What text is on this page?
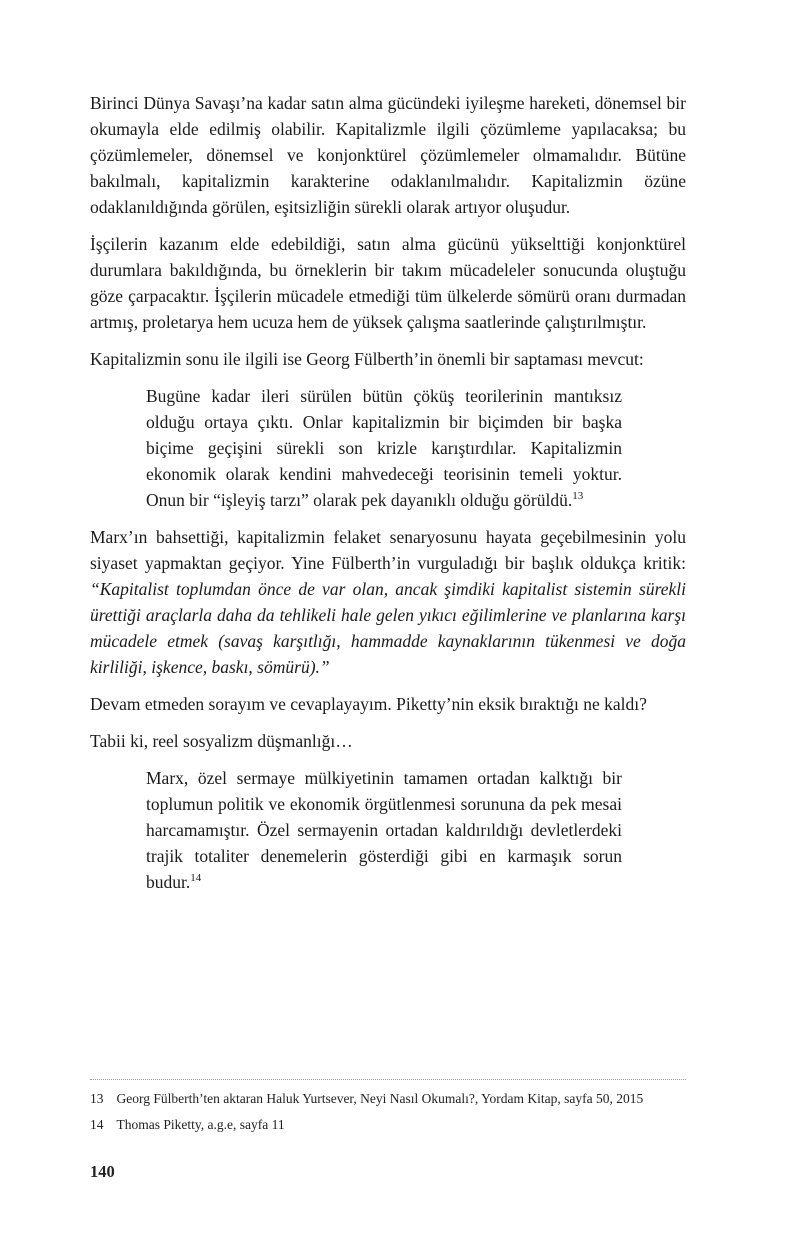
Birinci Dünya Savaşı’na kadar satın alma gücündeki iyileşme hareketi, dönemsel bir okumayla elde edilmiş olabilir. Kapitalizmle ilgili çözümleme yapılacaksa; bu çözümlemeler, dönemsel ve konjonktürel çözümlemeler olmamalıdır. Bütüne bakılmalı, kapitalizmin karakterine odaklanılmalıdır. Kapitalizmin özüne odaklanıldığında görülen, eşitsizliğin sürekli olarak artıyor oluşudur.

İşçilerin kazanım elde edebildiği, satın alma gücünü yükselttiği konjonktürel durumlara bakıldığında, bu örneklerin bir takım mücadeleler sonucunda oluştuğu göze çarpacaktır. İşçilerin mücadele etmediği tüm ülkelerde sömürü oranı durmadan artmış, proletarya hem ucuza hem de yüksek çalışma saatlerinde çalıştırılmıştır.

Kapitalizmin sonu ile ilgili ise Georg Fülberth’in önemli bir saptaması mevcut:

Bugüne kadar ileri sürülen bütün çöküş teorilerinin mantıksız olduğu ortaya çıktı. Onlar kapitalizmin bir biçimden bir başka biçime geçişini sürekli son krizle karıştırdılar. Kapitalizmin ekonomik olarak kendini mahvedeceği teorisinin temeli yoktur. Onun bir “işleyiş tarzı” olarak pek dayanıklı olduğu görüldü.$^{13}$

Marx’ın bahsettiği, kapitalizmin felaket senaryosunu hayata geçebilmesinin yolu siyaset yapmaktan geçiyor. Yine Fülberth’in vurguladığı bir başlık oldukça kritik: “Kapitalist toplumdan önce de var olan, ancak şimdiki kapitalist sistemin sürekli ürettiği araçlarla daha da tehlikeli hale gelen yıkıcı eğilimlerine ve planlarına karşı mücadele etmek (savaş karşıtlığı, hammadde kaynaklarının tükenmesi ve doğa kirliliği, işkence, baskı, sömürü).”

Devam etmeden sorayım ve cevaplayayım. Piketty’nin eksik bıraktığı ne kaldı?

Tabii ki, reel sosyalizm düşmanlığı…

Marx, özel sermaye mülkiyetinin tamamen ortadan kalktığı bir toplumun politik ve ekonomik örgütlenmesi sorununa da pek mesai harcamamıştır. Özel sermayenin ortadan kaldırıldığı devletlerdeki trajik totaliter denemelerin gösterdiği gibi en karmaşık sorun budur.$^{14}$

13 Georg Fülberth’ten aktaran Haluk Yurtsever, Neyi Nasıl Okumalı?, Yordam Kitap, sayfa 50, 2015

14 Thomas Piketty, a.g.e, sayfa 11

140
